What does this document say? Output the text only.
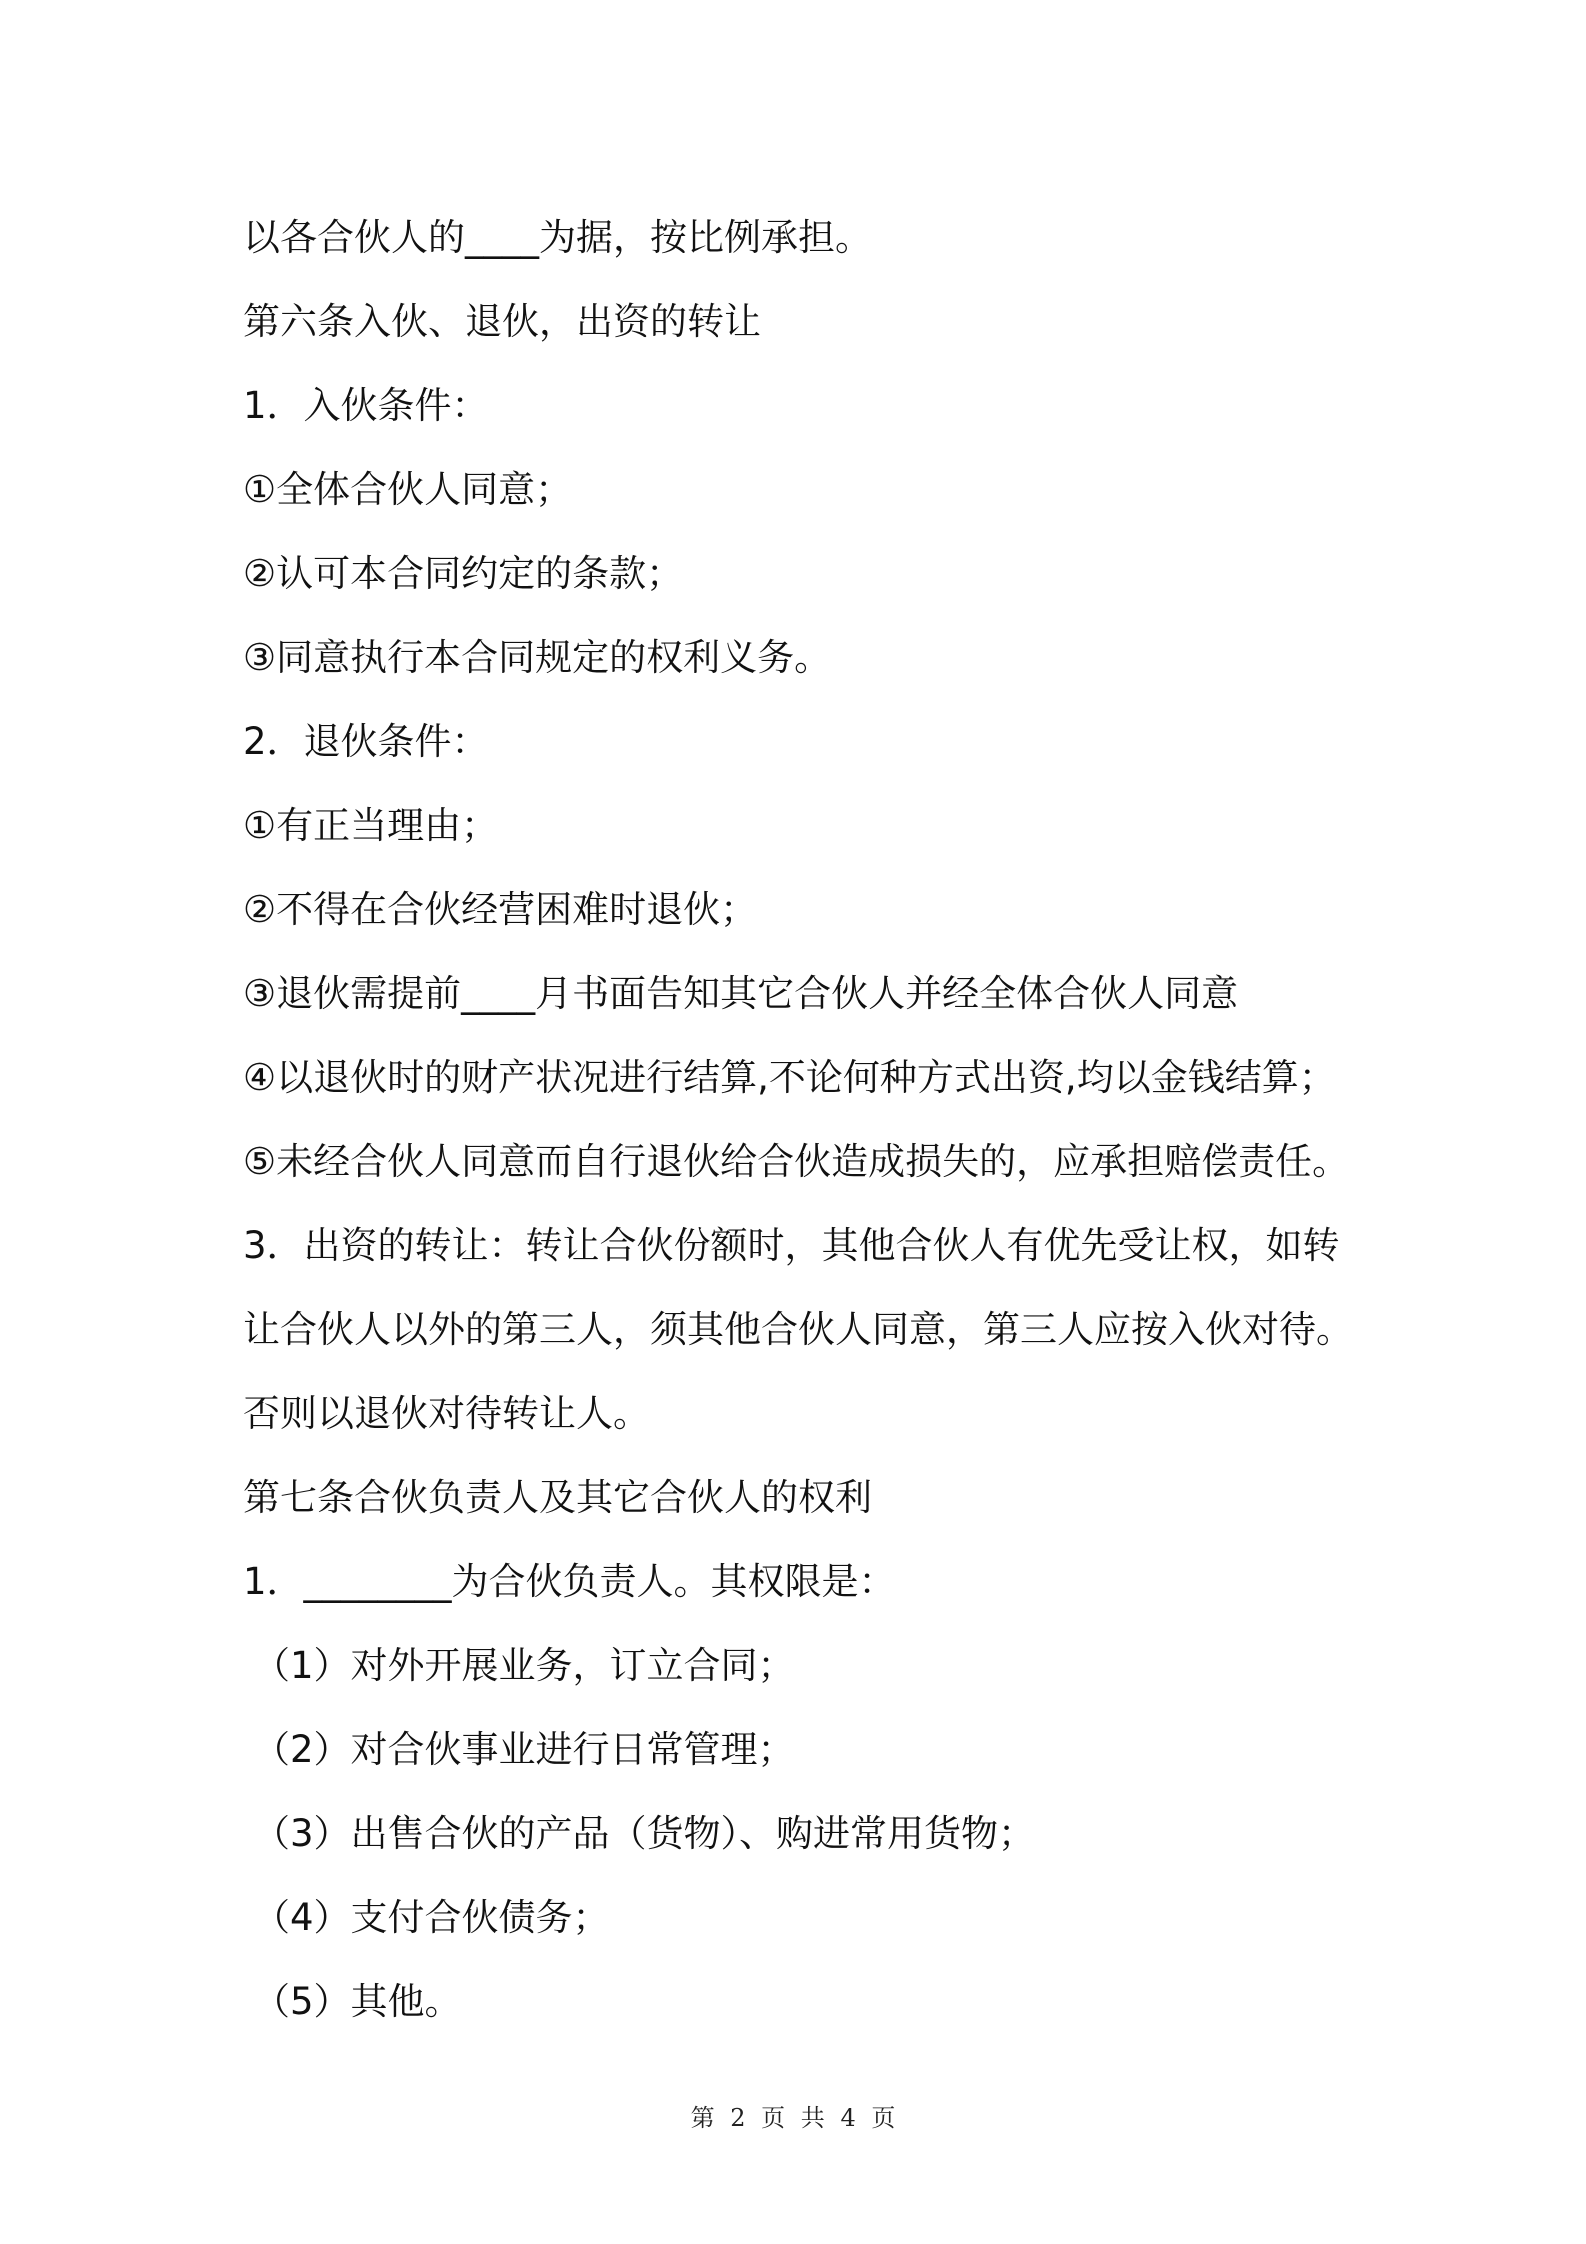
以各合伙人的____为据，按比例承担。
第六条入伙、退伙，出资的转让
1．入伙条件：
①全体合伙人同意；
②认可本合同约定的条款；
③同意执行本合同规定的权利义务。
2．退伙条件：
①有正当理由；
②不得在合伙经营困难时退伙；
③退伙需提前____月书面告知其它合伙人并经全体合伙人同意
④以退伙时的财产状况进行结算,不论何种方式出资,均以金钱结算；
⑤未经合伙人同意而自行退伙给合伙造成损失的，应承担赔偿责任。
3．出资的转让：转让合伙份额时，其他合伙人有优先受让权，如转
让合伙人以外的第三人，须其他合伙人同意，第三人应按入伙对待。
否则以退伙对待转让人。
第七条合伙负责人及其它合伙人的权利
1．________为合伙负责人。其权限是：
（1）对外开展业务，订立合同；
（2）对合伙事业进行日常管理；
（3）出售合伙的产品（货物）、购进常用货物；
（4）支付合伙债务；
（5）其他。
第 2 页 共 4 页
